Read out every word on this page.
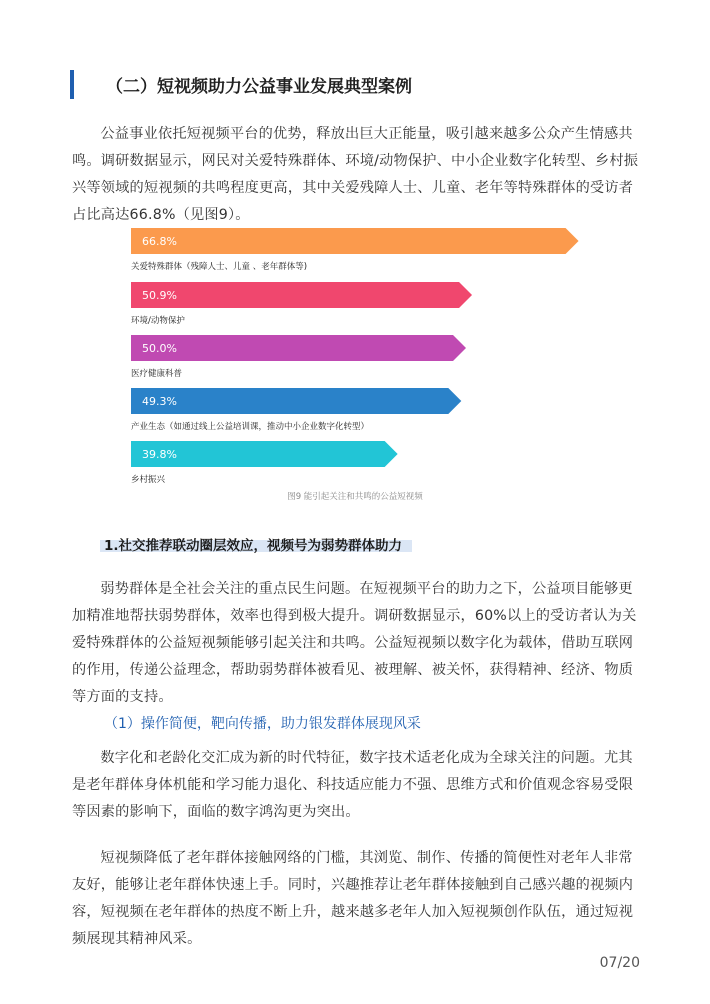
（二）短视频助力公益事业发展典型案例

公益事业依托短视频平台的优势，释放出巨大正能量，吸引越来越多公众产生情感共鸣。调研数据显示，网民对关爱特殊群体、环境/动物保护、中小企业数字化转型、乡村振兴等领域的短视频的共鸣程度更高，其中关爱残障人士、儿童、老年等特殊群体的受访者占比高达66.8%（见图9）。

66.8%
50.9%
50.0%
49.3%
39.8%
关爱特殊群体（残障人士、儿童 、老年群体等)
环境/动物保护
医疗健康科普
产业生态（如通过线上公益培训课，推动中小企业数字化转型）
乡村振兴
图9 能引起关注和共鸣的公益短视频
1.社交推荐联动圈层效应，视频号为弱势群体助力

弱势群体是全社会关注的重点民生问题。在短视频平台的助力之下，公益项目能够更加精准地帮扶弱势群体，效率也得到极大提升。调研数据显示，60%以上的受访者认为关爱特殊群体的公益短视频能够引起关注和共鸣。公益短视频以数字化为载体，借助互联网的作用，传递公益理念，帮助弱势群体被看见、被理解、被关怀，获得精神、经济、物质等方面的支持。

（1）操作简便，靶向传播，助力银发群体展现风采

数字化和老龄化交汇成为新的时代特征，数字技术适老化成为全球关注的问题。尤其是老年群体身体机能和学习能力退化、科技适应能力不强、思维方式和价值观念容易受限等因素的影响下，面临的数字鸿沟更为突出。

短视频降低了老年群体接触网络的门槛，其浏览、制作、传播的简便性对老年人非常友好，能够让老年群体快速上手。同时，兴趣推荐让老年群体接触到自己感兴趣的视频内容，短视频在老年群体的热度不断上升，越来越多老年人加入短视频创作队伍，通过短视频展现其精神风采。

07/20
